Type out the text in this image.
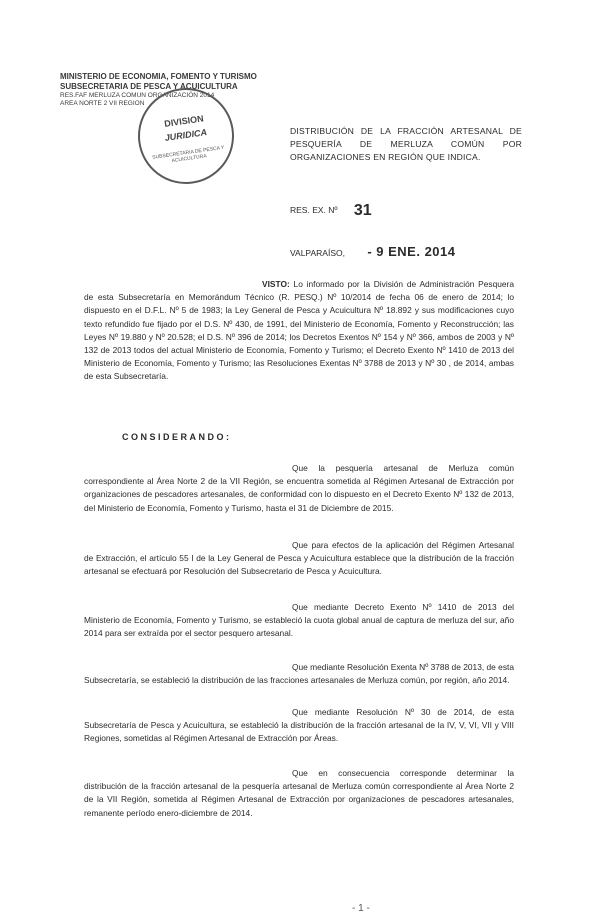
MINISTERIO DE ECONOMIA, FOMENTO Y TURISMO
SUBSECRETARIA DE PESCA Y ACUICULTURA
RES.FAF MERLUZA COMUN ORGANIZACIÓN 2014
AREA NORTE 2 VII REGION
DIVISION
JURIDICA
SUBSECRETARIA DE PESCA Y ACUICULTURA
DISTRIBUCIÓN DE LA FRACCIÓN ARTESANAL DE PESQUERÍA DE MERLUZA COMÚN POR ORGANIZACIONES EN REGIÓN QUE INDICA.
RES. EX. Nº 31
VALPARAÍSO, - 9 ENE. 2014
VISTO: Lo informado por la División de Administración Pesquera de esta Subsecretaría en Memorándum Técnico (R. PESQ.) Nº 10/2014 de fecha 06 de enero de 2014; lo dispuesto en el D.F.L. Nº 5 de 1983; la Ley General de Pesca y Acuicultura Nº 18.892 y sus modificaciones cuyo texto refundido fue fijado por el D.S. Nº 430, de 1991, del Ministerio de Economía, Fomento y Reconstrucción; las Leyes Nº 19.880 y Nº 20.528; el D.S. Nº 396 de 2014; los Decretos Exentos Nº 154 y Nº 366, ambos de 2003 y Nº 132 de 2013 todos del actual Ministerio de Economía, Fomento y Turismo; el Decreto Exento Nº 1410 de 2013 del Ministerio de Economía, Fomento y Turismo; las Resoluciones Exentas Nº 3788 de 2013 y Nº 30 , de 2014, ambas de esta Subsecretaría.
CONSIDERANDO:
Que la pesquería artesanal de Merluza común correspondiente al Área Norte 2 de la VII Región, se encuentra sometida al Régimen Artesanal de Extracción por organizaciones de pescadores artesanales, de conformidad con lo dispuesto en el Decreto Exento Nº 132 de 2013, del Ministerio de Economía, Fomento y Turismo, hasta el 31 de Diciembre de 2015.
Que para efectos de la aplicación del Régimen Artesanal de Extracción, el artículo 55 I de la Ley General de Pesca y Acuicultura establece que la distribución de la fracción artesanal se efectuará por Resolución del Subsecretario de Pesca y Acuicultura.
Que mediante Decreto Exento Nº 1410 de 2013 del Ministerio de Economía, Fomento y Turismo, se estableció la cuota global anual de captura de merluza del sur, año 2014 para ser extraída por el sector pesquero artesanal.
Que mediante Resolución Exenta Nº 3788 de 2013, de esta Subsecretaría, se estableció la distribución de las fracciones artesanales de Merluza común, por región, año 2014.
Que mediante Resolución Nº 30 de 2014, de esta Subsecretaría de Pesca y Acuicultura, se estableció la distribución de la fracción artesanal de la IV, V, VI, VII y VIII Regiones, sometidas al Régimen Artesanal de Extracción por Áreas.
Que en consecuencia corresponde determinar la distribución de la fracción artesanal de la pesquería artesanal de Merluza común correspondiente al Área Norte 2 de la VII Región, sometida al Régimen Artesanal de Extracción por organizaciones de pescadores artesanales, remanente período enero-diciembre de 2014.
- 1 -
